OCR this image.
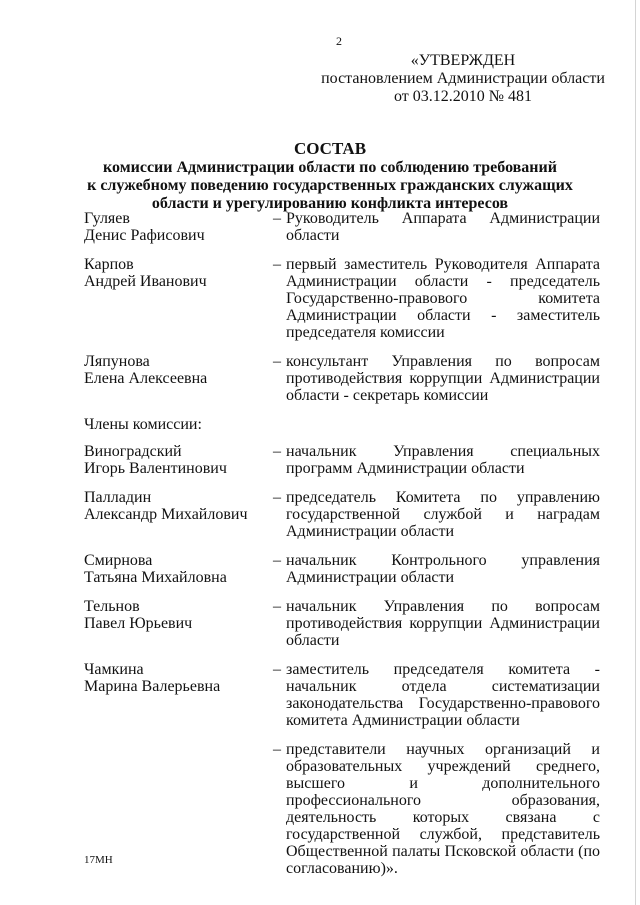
2
«УТВЕРЖДЕН
постановлением Администрации области
от 03.12.2010 № 481
СОСТАВ
комиссии Администрации области по соблюдению требований
к служебному поведению государственных гражданских служащих
области и урегулированию конфликта интересов
Гуляев
Денис Рафисович
– Руководитель Аппарата Администрации области
Карпов
Андрей Иванович
– первый заместитель Руководителя Аппарата Администрации области - председатель Государственно-правового комитета Администрации области - заместитель председателя комиссии
Ляпунова
Елена Алексеевна
– консультант Управления по вопросам противодействия коррупции Администрации области - секретарь комиссии
Члены комиссии:
Виноградский
Игорь Валентинович
– начальник Управления специальных программ Администрации области
Палладин
Александр Михайлович
– председатель Комитета по управлению государственной службой и наградам Администрации области
Смирнова
Татьяна Михайловна
– начальник Контрольного управления Администрации области
Тельнов
Павел Юрьевич
– начальник Управления по вопросам противодействия коррупции Администрации области
Чамкина
Марина Валерьевна
– заместитель председателя комитета - начальник отдела систематизации законодательства Государственно-правового комитета Администрации области
– представители научных организаций и образовательных учреждений среднего, высшего и дополнительного профессионального образования, деятельность которых связана с государственной службой, представитель Общественной палаты Псковской области (по согласованию)».
17МН
